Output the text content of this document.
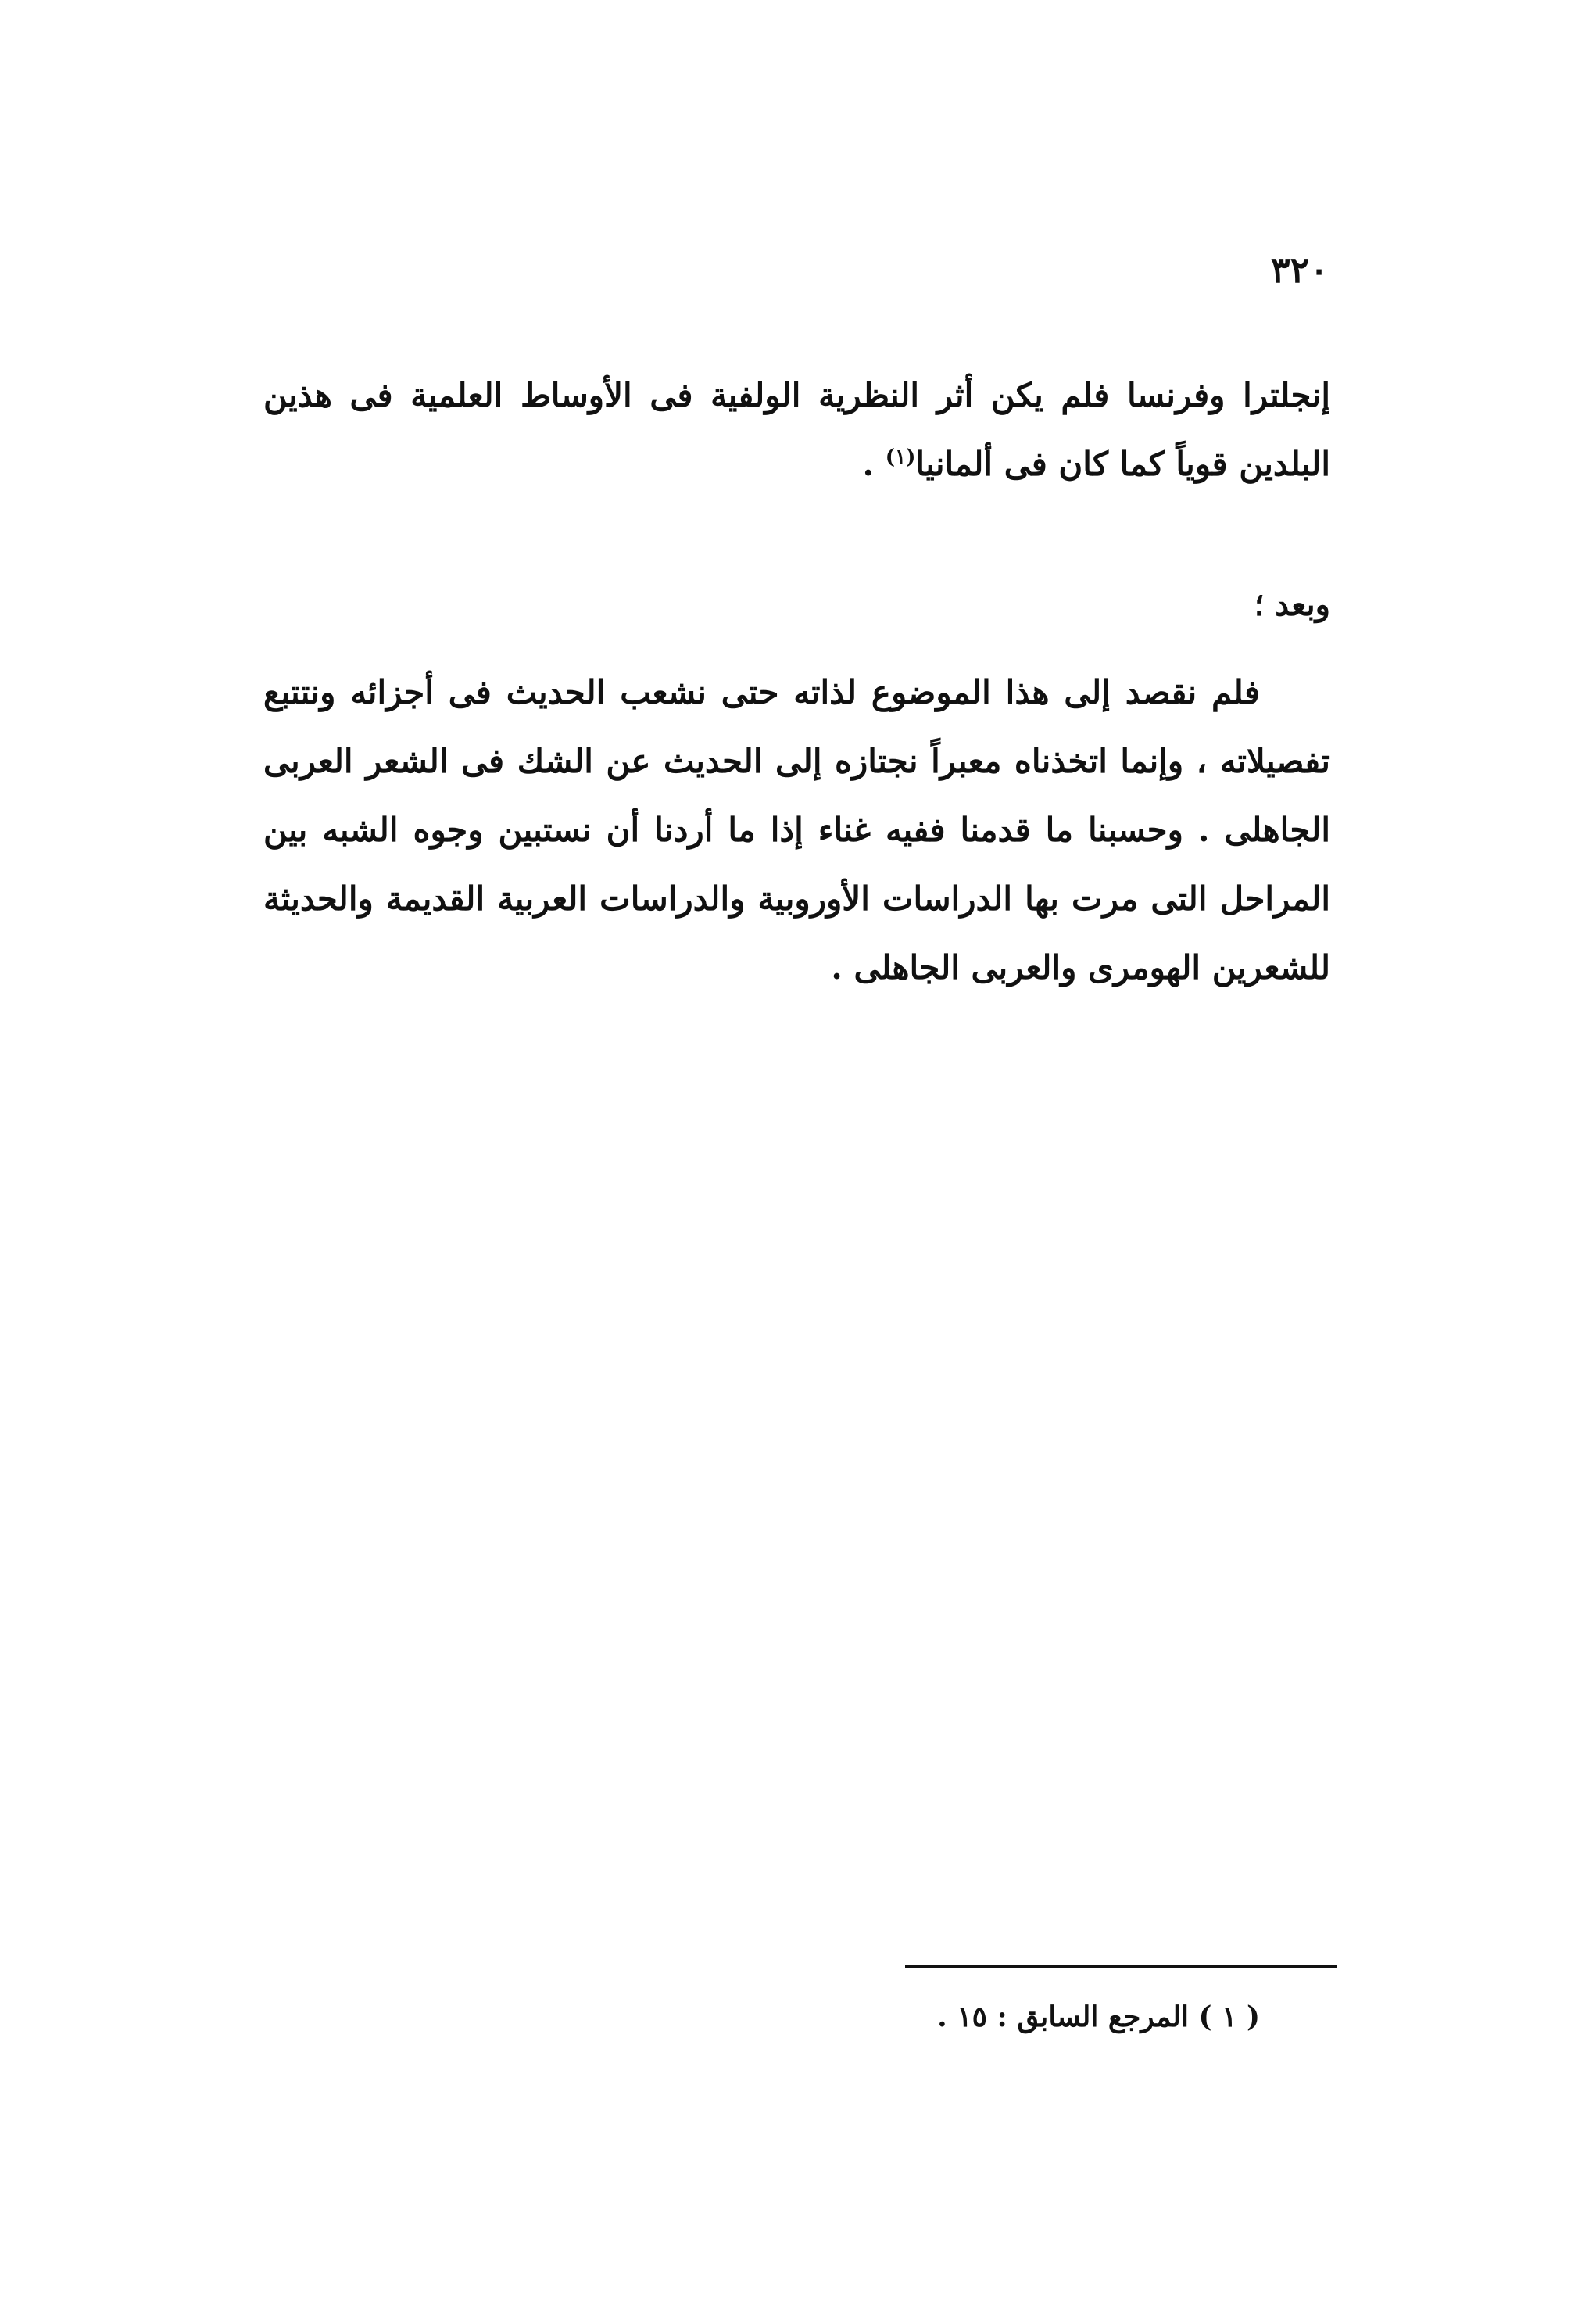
٣٢٠

إنجلترا وفرنسا فلم يكن أثر النظرية الولفية فى الأوساط العلمية فى هذين البلدين قوياً كما كان فى ألمانيا$^{(١)}$ .

وبعد ؛

فلم نقصد إلى هذا الموضوع لذاته حتى نشعب الحديث فى أجزائه ونتتبع تفصيلاته ، وإنما اتخذناه معبراً نجتازه إلى الحديث عن الشك فى الشعر العربى الجاهلى . وحسبنا ما قدمنا ففيه غناء إذا ما أردنا أن نستبين وجوه الشبه بين المراحل التى مرت بها الدراسات الأوروبية والدراسات العربية القديمة والحديثة للشعرين الهومرى والعربى الجاهلى .

( ١ ) المرجع السابق : ١٥ .
